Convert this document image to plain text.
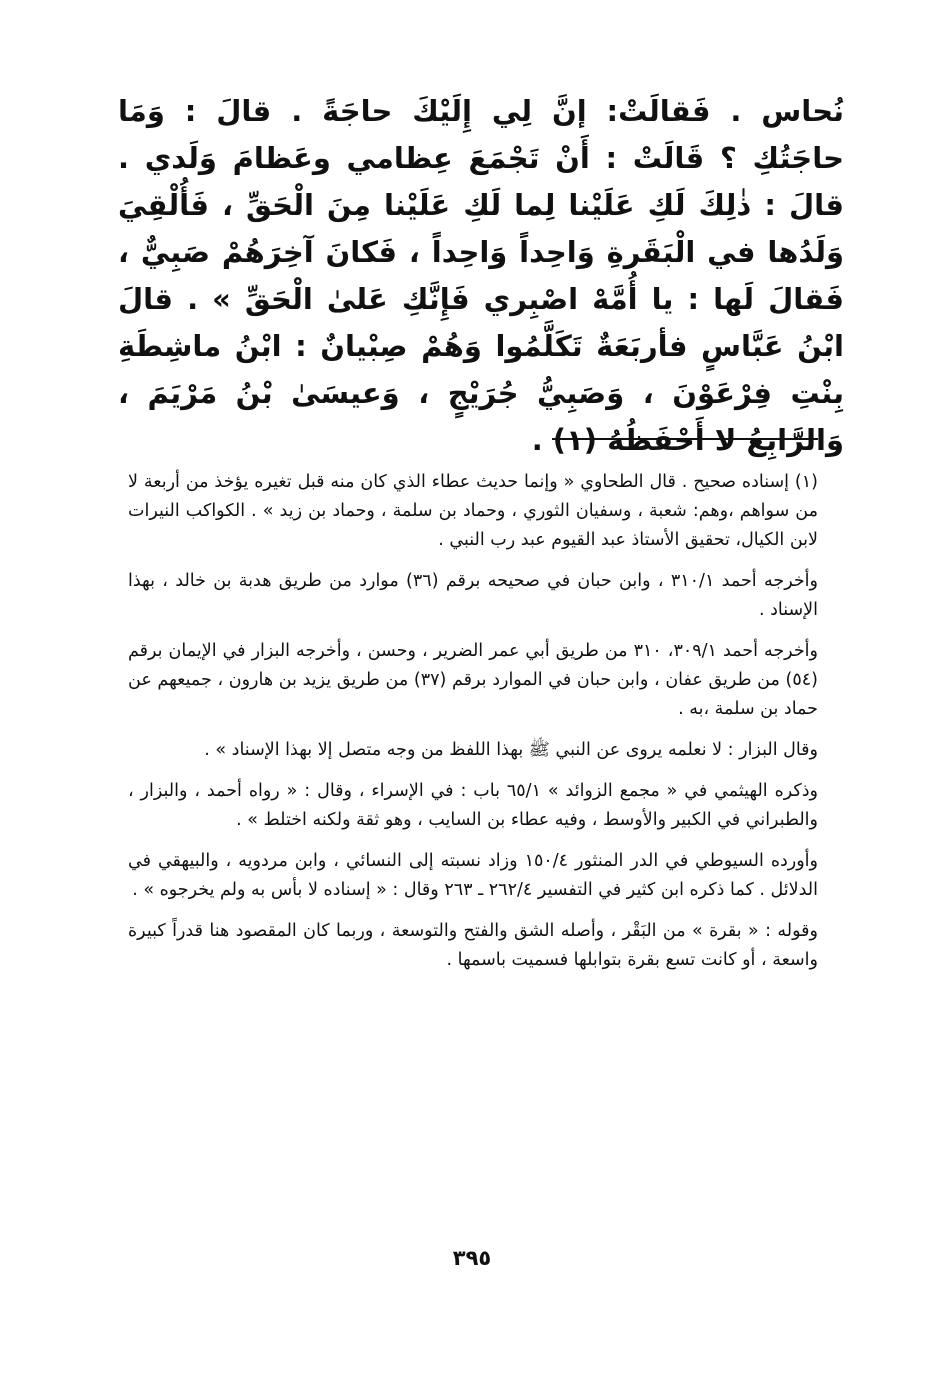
نُحاس . فَقالَتْ: إنَّ لِي إِلَيْكَ حاجَةً . قالَ : وَمَا حاجَتُكِ ؟ قَالَتْ : أَنْ تَجْمَعَ عِظامي وعَظامَ وَلَدي . قالَ : ذٰلِكَ لَكِ عَلَيْنا لِما لَكِ عَلَيْنا مِنَ الْحَقِّ ، فَأُلْقِيَ وَلَدُها في الْبَقَرةِ وَاحِداً وَاحِداً ، فَكانَ آخِرَهُمْ صَبِيٌّ ، فَقالَ لَها : يا أُمَّهْ اصْبِري فَإِنَّكِ عَلىٰ الْحَقِّ » . قالَ ابْنُ عَبَّاسٍ فأربَعَةٌ تَكَلَّمُوا وَهُمْ صِبْيانٌ : ابْنُ ماشِطَةِ بِنْتِ فِرْعَوْنَ ، وَصَبِيُّ جُرَيْجٍ ، وَعيسَىٰ بْنُ مَرْيَمَ ، وَالرَّابِعُ لا أَحْفَظُهُ (١) .

(١) إسناده صحيح . قال الطحاوي « وإنما حديث عطاء الذي كان منه قبل تغيره يؤخذ من أربعة لا من سواهم ،وهم: شعبة ، وسفيان الثوري ، وحماد بن سلمة ، وحماد بن زيد » . الكواكب النيرات لابن الكيال، تحقيق الأستاذ عبد القيوم عبد رب النبي .

وأخرجه أحمد ٣١٠/١ ، وابن حبان في صحيحه برقم (٣٦) موارد من طريق هدبة بن خالد ، بهذا الإسناد .

وأخرجه أحمد ٣٠٩/١، ٣١٠ من طريق أبي عمر الضرير ، وحسن ، وأخرجه البزار في الإيمان برقم (٥٤) من طريق عفان ، وابن حبان في الموارد برقم (٣٧) من طريق يزيد بن هارون ، جميعهم عن حماد بن سلمة ،به .

وقال البزار : لا نعلمه يروى عن النبي ﷺ بهذا اللفظ من وجه متصل إلا بهذا الإسناد » .

وذكره الهيثمي في « مجمع الزوائد » ٦٥/١ باب : في الإسراء ، وقال : « رواه أحمد ، والبزار ، والطبراني في الكبير والأوسط ، وفيه عطاء بن السايب ، وهو ثقة ولكنه اختلط » .

وأورده السيوطي في الدر المنثور ١٥٠/٤ وزاد نسبته إلى النسائي ، وابن مردويه ، والبيهقي في الدلائل . كما ذكره ابن كثير في التفسير ٢٦٢/٤ ـ ٢٦٣ وقال : « إسناده لا بأس به ولم يخرجوه » .

وقوله : « بقرة » من البَقْر ، وأصله الشق والفتح والتوسعة ، وربما كان المقصود هنا قدراً كبيرة واسعة ، أو كانت تسع بقرة بتوابلها فسميت باسمها .

٣٩٥
